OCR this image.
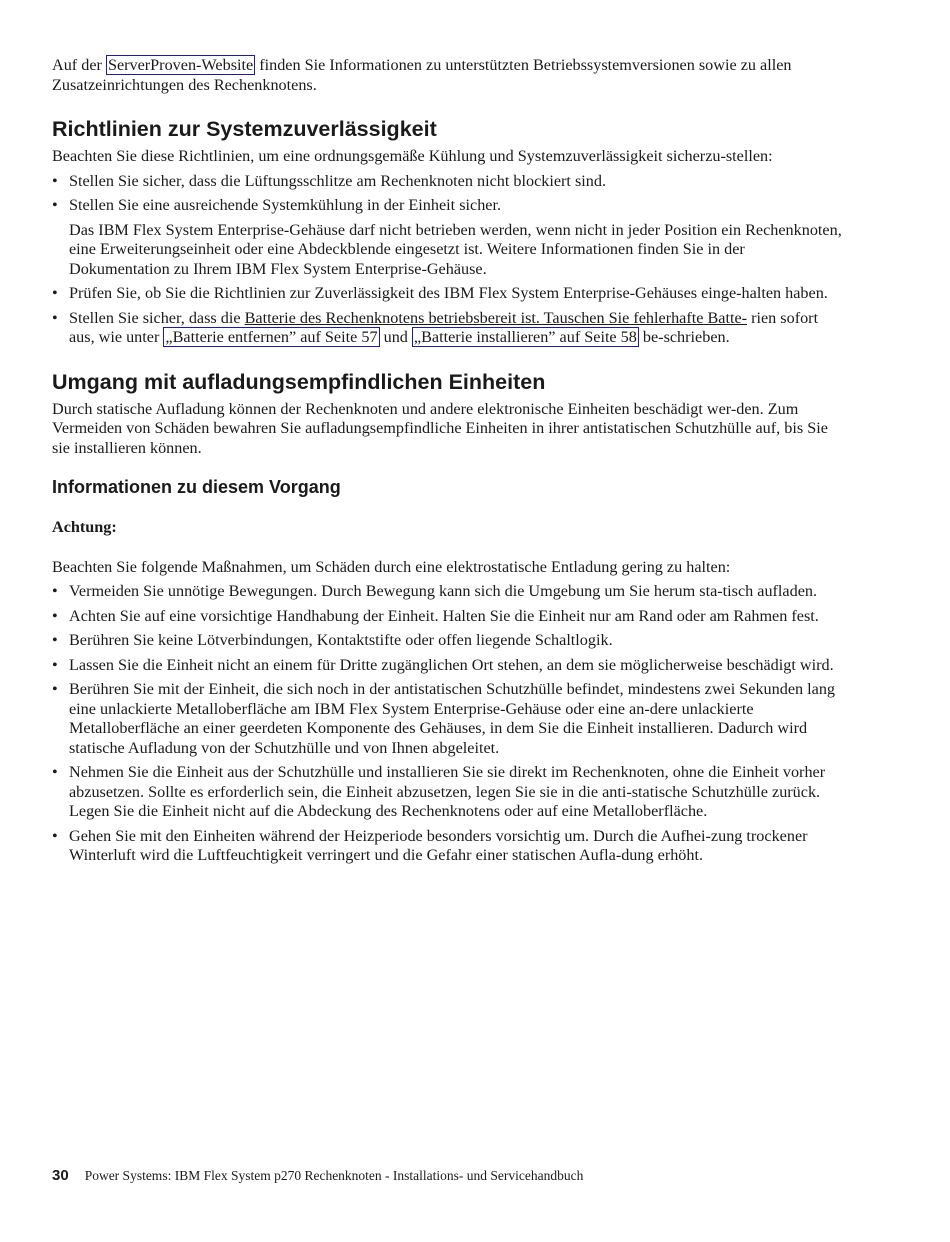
Auf der ServerProven-Website finden Sie Informationen zu unterstützten Betriebssystemversionen sowie zu allen Zusatzeinrichtungen des Rechenknotens.

Richtlinien zur Systemzuverlässigkeit

Beachten Sie diese Richtlinien, um eine ordnungsgemäße Kühlung und Systemzuverlässigkeit sicherzu-stellen:

• Stellen Sie sicher, dass die Lüftungsschlitze am Rechenknoten nicht blockiert sind.
• Stellen Sie eine ausreichende Systemkühlung in der Einheit sicher.

Das IBM Flex System Enterprise-Gehäuse darf nicht betrieben werden, wenn nicht in jeder Position ein Rechenknoten, eine Erweiterungseinheit oder eine Abdeckblende eingesetzt ist. Weitere Informationen finden Sie in der Dokumentation zu Ihrem IBM Flex System Enterprise-Gehäuse.

• Prüfen Sie, ob Sie die Richtlinien zur Zuverlässigkeit des IBM Flex System Enterprise-Gehäuses einge-halten haben.
• Stellen Sie sicher, dass die Batterie des Rechenknotens betriebsbereit ist. Tauschen Sie fehlerhafte Batte- rien sofort aus, wie unter „Batterie entfernen” auf Seite 57 und „Batterie installieren” auf Seite 58 be-schrieben.
Umgang mit aufladungsempfindlichen Einheiten

Durch statische Aufladung können der Rechenknoten und andere elektronische Einheiten beschädigt wer-den. Zum Vermeiden von Schäden bewahren Sie aufladungsempfindliche Einheiten in ihrer antistatischen Schutzhülle auf, bis Sie sie installieren können.

Informationen zu diesem Vorgang

Achtung:

Beachten Sie folgende Maßnahmen, um Schäden durch eine elektrostatische Entladung gering zu halten:

• Vermeiden Sie unnötige Bewegungen. Durch Bewegung kann sich die Umgebung um Sie herum sta-tisch aufladen.
• Achten Sie auf eine vorsichtige Handhabung der Einheit. Halten Sie die Einheit nur am Rand oder am Rahmen fest.
• Berühren Sie keine Lötverbindungen, Kontaktstifte oder offen liegende Schaltlogik.
• Lassen Sie die Einheit nicht an einem für Dritte zugänglichen Ort stehen, an dem sie möglicherweise beschädigt wird.
• Berühren Sie mit der Einheit, die sich noch in der antistatischen Schutzhülle befindet, mindestens zwei Sekunden lang eine unlackierte Metalloberfläche am IBM Flex System Enterprise-Gehäuse oder eine an-dere unlackierte Metalloberfläche an einer geerdeten Komponente des Gehäuses, in dem Sie die Einheit installieren. Dadurch wird statische Aufladung von der Schutzhülle und von Ihnen abgeleitet.
• Nehmen Sie die Einheit aus der Schutzhülle und installieren Sie sie direkt im Rechenknoten, ohne die Einheit vorher abzusetzen. Sollte es erforderlich sein, die Einheit abzusetzen, legen Sie sie in die anti-statische Schutzhülle zurück. Legen Sie die Einheit nicht auf die Abdeckung des Rechenknotens oder auf eine Metalloberfläche.
• Gehen Sie mit den Einheiten während der Heizperiode besonders vorsichtig um. Durch die Aufhei-zung trockener Winterluft wird die Luftfeuchtigkeit verringert und die Gefahr einer statischen Aufla-dung erhöht.
30 Power Systems: IBM Flex System p270 Rechenknoten - Installations- und Servicehandbuch
